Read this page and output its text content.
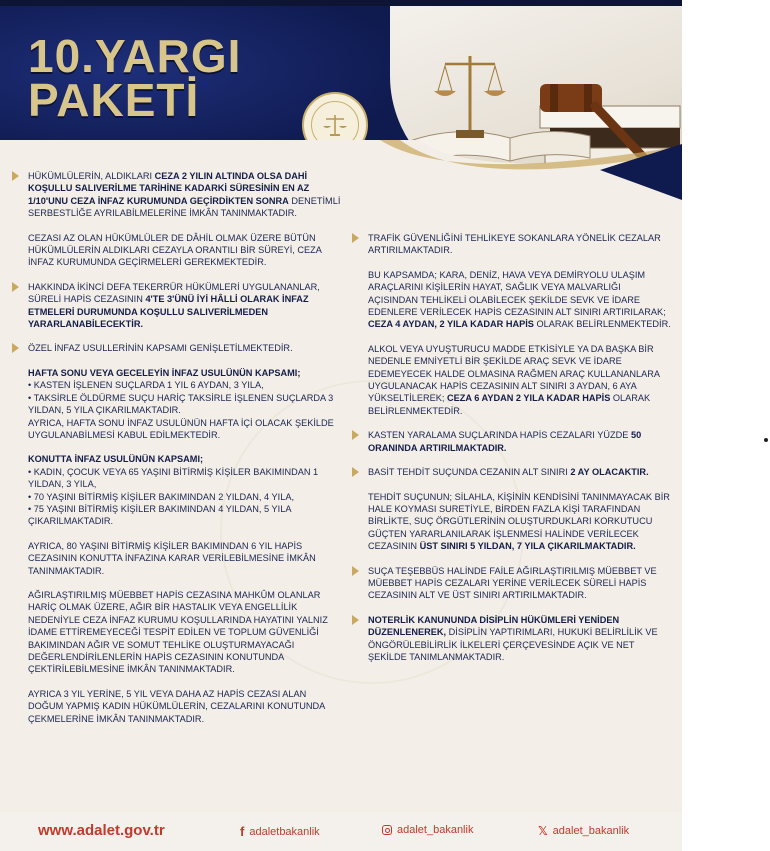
10.YARGI
PAKETİ

HÜKÜMLÜLERİN, ALDIKLARI CEZA 2 YILIN ALTINDA OLSA DAHİ KOŞULLU SALIVERİLME TARİHİNE KADARKİ SÜRESİNİN EN AZ 1/10'UNU CEZA İNFAZ KURUMUNDA GEÇİRDİKTEN SONRA DENETİMLİ SERBESTLİĞE AYRILABİLMELERİNE İMKÂN TANINMAKTADIR.

CEZASI AZ OLAN HÜKÜMLÜLER DE DÂHİL OLMAK ÜZERE BÜTÜN HÜKÜMLÜLERİN ALDIKLARI CEZAYLA ORANTILI BİR SÜREYİ, CEZA İNFAZ KURUMUNDA GEÇİRMELERİ GEREKMEKTEDİR.

HAKKINDA İKİNCİ DEFA TEKERRÜR HÜKÜMLERİ UYGULANANLAR, SÜRELİ HAPİS CEZASININ 4'TE 3'ÜNÜ İYİ HÂLLİ OLARAK İNFAZ ETMELERİ DURUMUNDA KOŞULLU SALIVERİLMEDEN YARARLANABİLECEKTİR.

ÖZEL İNFAZ USULLERİNİN KAPSAMI GENİŞLETİLMEKTEDİR.

HAFTA SONU VEYA GECELEYİN İNFAZ USULÜNÜN KAPSAMI;

• KASTEN İŞLENEN SUÇLARDA 1 YIL 6 AYDAN, 3 YILA,

• TAKSİRLE ÖLDÜRME SUÇU HARİÇ TAKSİRLE İŞLENEN SUÇLARDA 3 YILDAN, 5 YILA ÇIKARILMAKTADIR.

AYRICA, HAFTA SONU İNFAZ USULÜNÜN HAFTA İÇİ OLACAK ŞEKİLDE UYGULANABİLMESİ KABUL EDİLMEKTEDİR.

KONUTTA İNFAZ USULÜNÜN KAPSAMI;

• KADIN, ÇOCUK VEYA 65 YAŞINI BİTİRMİŞ KİŞİLER BAKIMINDAN 1 YILDAN, 3 YILA,

• 70 YAŞINI BİTİRMİŞ KİŞİLER BAKIMINDAN 2 YILDAN, 4 YILA,

• 75 YAŞINI BİTİRMİŞ KİŞİLER BAKIMINDAN 4 YILDAN, 5 YILA ÇIKARILMAKTADIR.

AYRICA, 80 YAŞINI BİTİRMİŞ KİŞİLER BAKIMINDAN 6 YIL HAPİS CEZASININ KONUTTA İNFAZINA KARAR VERİLEBİLMESİNE İMKÂN TANINMAKTADIR.

AĞIRLAŞTIRILMIŞ MÜEBBET HAPİS CEZASINA MAHKÛM OLANLAR HARİÇ OLMAK ÜZERE, AĞIR BİR HASTALIK VEYA ENGELLİLİK NEDENİYLE CEZA İNFAZ KURUMU KOŞULLARINDA HAYATINI YALNIZ İDAME ETTİREMEYECEĞİ TESPİT EDİLEN VE TOPLUM GÜVENLİĞİ BAKIMINDAN AĞIR VE SOMUT TEHLİKE OLUŞTURMAYACAĞI DEĞERLENDİRİLENLERİN HAPİS CEZASININ KONUTUNDA ÇEKTİRİLEBİLMESİNE İMKÂN TANINMAKTADIR.

AYRICA 3 YIL YERİNE, 5 YIL VEYA DAHA AZ HAPİS CEZASI ALAN DOĞUM YAPMIŞ KADIN HÜKÜMLÜLERİN, CEZALARINI KONUTUNDA ÇEKMELERİNE İMKÂN TANINMAKTADIR.

TRAFİK GÜVENLİĞİNİ TEHLİKEYE SOKANLARA YÖNELİK CEZALAR ARTIRILMAKTADIR.

BU KAPSAMDA; KARA, DENİZ, HAVA VEYA DEMİRYOLU ULAŞIM ARAÇLARINI KİŞİLERİN HAYAT, SAĞLIK VEYA MALVARLIĞI AÇISINDAN TEHLİKELİ OLABİLECEK ŞEKİLDE SEVK VE İDARE EDENLERE VERİLECEK HAPİS CEZASININ ALT SINIRI ARTIRILARAK; CEZA 4 AYDAN, 2 YILA KADAR HAPİS OLARAK BELİRLENMEKTEDİR.

ALKOL VEYA UYUŞTURUCU MADDE ETKİSİYLE YA DA BAŞKA BİR NEDENLE EMNİYETLİ BİR ŞEKİLDE ARAÇ SEVK VE İDARE EDEMEYECEK HALDE OLMASINA RAĞMEN ARAÇ KULLANANLARA UYGULANACAK HAPİS CEZASININ ALT SINIRI 3 AYDAN, 6 AYA YÜKSELTİLEREK; CEZA 6 AYDAN 2 YILA KADAR HAPİS OLARAK BELİRLENMEKTEDİR.

KASTEN YARALAMA SUÇLARINDA HAPİS CEZALARI YÜZDE 50 ORANINDA ARTIRILMAKTADIR.

BASİT TEHDİT SUÇUNDA CEZANIN ALT SINIRI 2 AY OLACAKTIR.

TEHDİT SUÇUNUN; SİLAHLA, KİŞİNİN KENDİSİNİ TANINMAYACAK BİR HALE KOYMASI SURETİYLE, BİRDEN FAZLA KİŞİ TARAFINDAN BİRLİKTE, SUÇ ÖRGÜTLERİNİN OLUŞTURDUKLARI KORKUTUCU GÜÇTEN YARARLANILARAK İŞLENMESİ HALİNDE VERİLECEK CEZASININ ÜST SINIRI 5 YILDAN, 7 YILA ÇIKARILMAKTADIR.

SUÇA TEŞEBBÜS HALİNDE FAİLE AĞIRLAŞTIRILMIŞ MÜEBBET VE MÜEBBET HAPİS CEZALARI YERİNE VERİLECEK SÜRELİ HAPİS CEZASININ ALT VE ÜST SINIRI ARTIRILMAKTADIR.

NOTERLİK KANUNUNDA DİSİPLİN HÜKÜMLERİ YENİDEN DÜZENLENEREK, DİSİPLİN YAPTIRIMLARI, HUKUKİ BELİRLİLİK VE ÖNGÖRÜLEBİLİRLİK İLKELERİ ÇERÇEVESİNDE AÇIK VE NET ŞEKİLDE TANIMLANMAKTADIR.

www.adalet.gov.tr	f adaletbakanlik	adalet_bakanlik	𝕏 adalet_bakanlik
